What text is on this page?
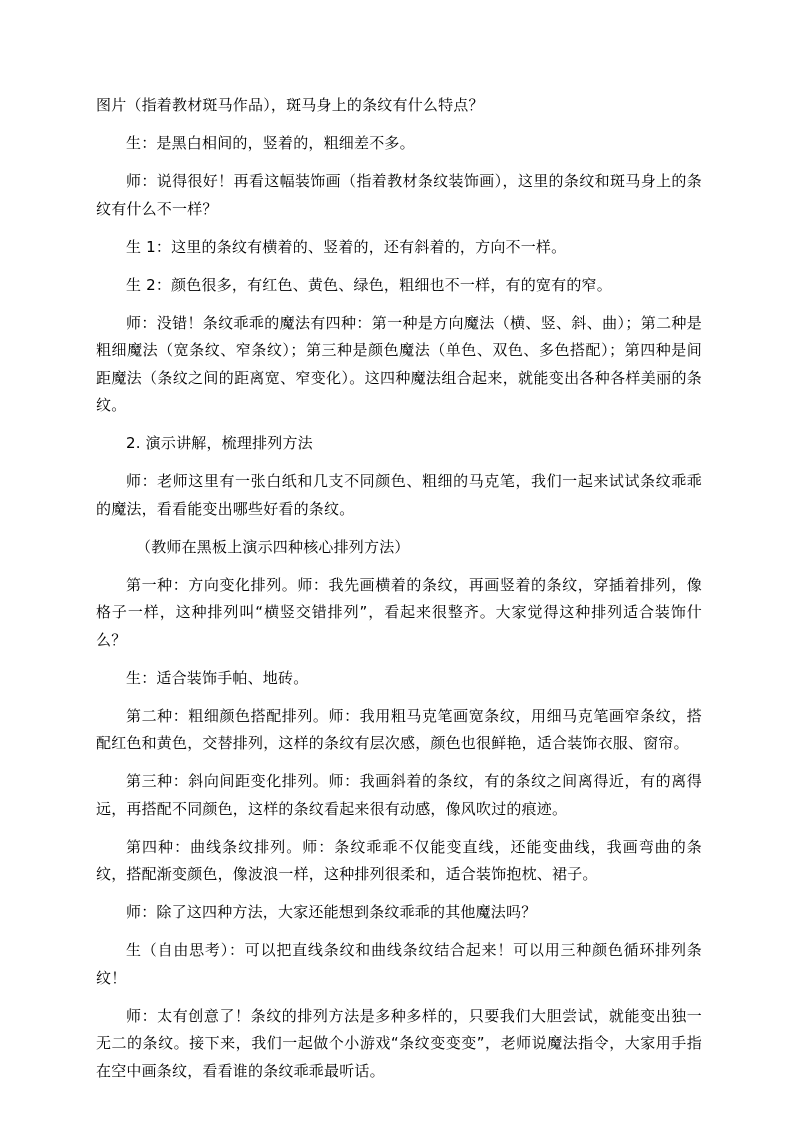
图片（指着教材斑马作品），斑马身上的条纹有什么特点？

生：是黑白相间的，竖着的，粗细差不多。

师：说得很好！再看这幅装饰画（指着教材条纹装饰画），这里的条纹和斑马身上的条纹有什么不一样？

生 1：这里的条纹有横着的、竖着的，还有斜着的，方向不一样。

生 2：颜色很多，有红色、黄色、绿色，粗细也不一样，有的宽有的窄。

师：没错！条纹乖乖的魔法有四种：第一种是方向魔法（横、竖、斜、曲）；第二种是粗细魔法（宽条纹、窄条纹）；第三种是颜色魔法（单色、双色、多色搭配）；第四种是间距魔法（条纹之间的距离宽、窄变化）。这四种魔法组合起来，就能变出各种各样美丽的条纹。

2. 演示讲解，梳理排列方法

师：老师这里有一张白纸和几支不同颜色、粗细的马克笔，我们一起来试试条纹乖乖的魔法，看看能变出哪些好看的条纹。

（教师在黑板上演示四种核心排列方法）

第一种：方向变化排列。师：我先画横着的条纹，再画竖着的条纹，穿插着排列，像格子一样，这种排列叫“横竖交错排列”，看起来很整齐。大家觉得这种排列适合装饰什么？

生：适合装饰手帕、地砖。

第二种：粗细颜色搭配排列。师：我用粗马克笔画宽条纹，用细马克笔画窄条纹，搭配红色和黄色，交替排列，这样的条纹有层次感，颜色也很鲜艳，适合装饰衣服、窗帘。

第三种：斜向间距变化排列。师：我画斜着的条纹，有的条纹之间离得近，有的离得远，再搭配不同颜色，这样的条纹看起来很有动感，像风吹过的痕迹。

第四种：曲线条纹排列。师：条纹乖乖不仅能变直线，还能变曲线，我画弯曲的条纹，搭配渐变颜色，像波浪一样，这种排列很柔和，适合装饰抱枕、裙子。

师：除了这四种方法，大家还能想到条纹乖乖的其他魔法吗？

生（自由思考）：可以把直线条纹和曲线条纹结合起来！可以用三种颜色循环排列条纹！

师：太有创意了！条纹的排列方法是多种多样的，只要我们大胆尝试，就能变出独一无二的条纹。接下来，我们一起做个小游戏“条纹变变变”，老师说魔法指令，大家用手指在空中画条纹，看看谁的条纹乖乖最听话。
